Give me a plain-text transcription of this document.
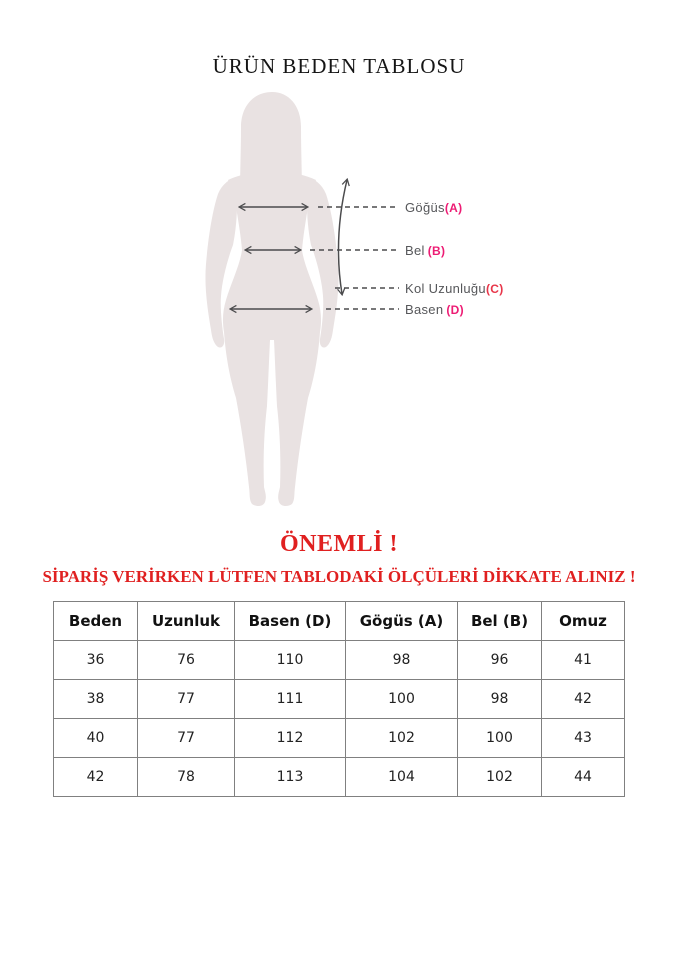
ÜRÜN BEDEN TABLOSU
Göğüs(A)
Bel (B)
Kol Uzunluğu(C)
Basen (D)
ÖNEMLİ !
SİPARİŞ VERİRKEN LÜTFEN TABLODAKİ ÖLÇÜLERİ DİKKATE ALINIZ !
Beden	Uzunluk	Basen (D)	Gögüs (A)	Bel (B)	Omuz
36	76	110	98	96	41
38	77	111	100	98	42
40	77	112	102	100	43
42	78	113	104	102	44
